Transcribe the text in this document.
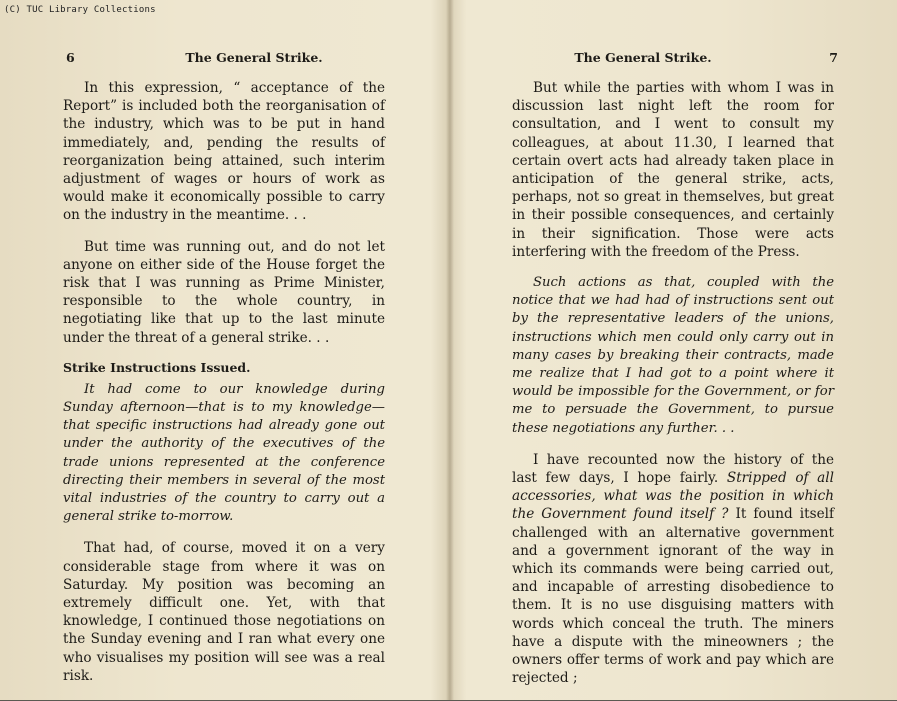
(C) TUC Library Collections
6	The General Strike.

In this expression, “ acceptance of the Report” is included both the reorganisation of the industry, which was to be put in hand immediately, and, pending the results of reorganization being attained, such interim adjustment of wages or hours of work as would make it economically possible to carry on the industry in the meantime. . .

But time was running out, and do not let anyone on either side of the House forget the risk that I was running as Prime Minister, responsible to the whole country, in negotiating like that up to the last minute under the threat of a general strike. . .

Strike Instructions Issued.

It had come to our knowledge during Sunday afternoon—that is to my knowledge—that specific instructions had already gone out under the authority of the executives of the trade unions represented at the conference directing their members in several of the most vital industries of the country to carry out a general strike to-morrow.

That had, of course, moved it on a very considerable stage from where it was on Saturday. My position was becoming an extremely difficult one. Yet, with that knowledge, I continued those negotiations on the Sunday evening and I ran what every one who visualises my position will see was a real risk.

The General Strike.	7

But while the parties with whom I was in discussion last night left the room for consultation, and I went to consult my colleagues, at about 11.30, I learned that certain overt acts had already taken place in anticipation of the general strike, acts, perhaps, not so great in themselves, but great in their possible consequences, and certainly in their signification. Those were acts interfering with the freedom of the Press.

Such actions as that, coupled with the notice that we had had of instructions sent out by the representative leaders of the unions, instructions which men could only carry out in many cases by breaking their contracts, made me realize that I had got to a point where it would be impossible for the Government, or for me to persuade the Government, to pursue these negotiations any further. . .

I have recounted now the history of the last few days, I hope fairly. Stripped of all accessories, what was the position in which the Government found itself ? It found itself challenged with an alternative government and a government ignorant of the way in which its commands were being carried out, and incapable of arresting disobedience to them. It is no use disguising matters with words which conceal the truth. The miners have a dispute with the mineowners ; the owners offer terms of work and pay which are rejected ;
